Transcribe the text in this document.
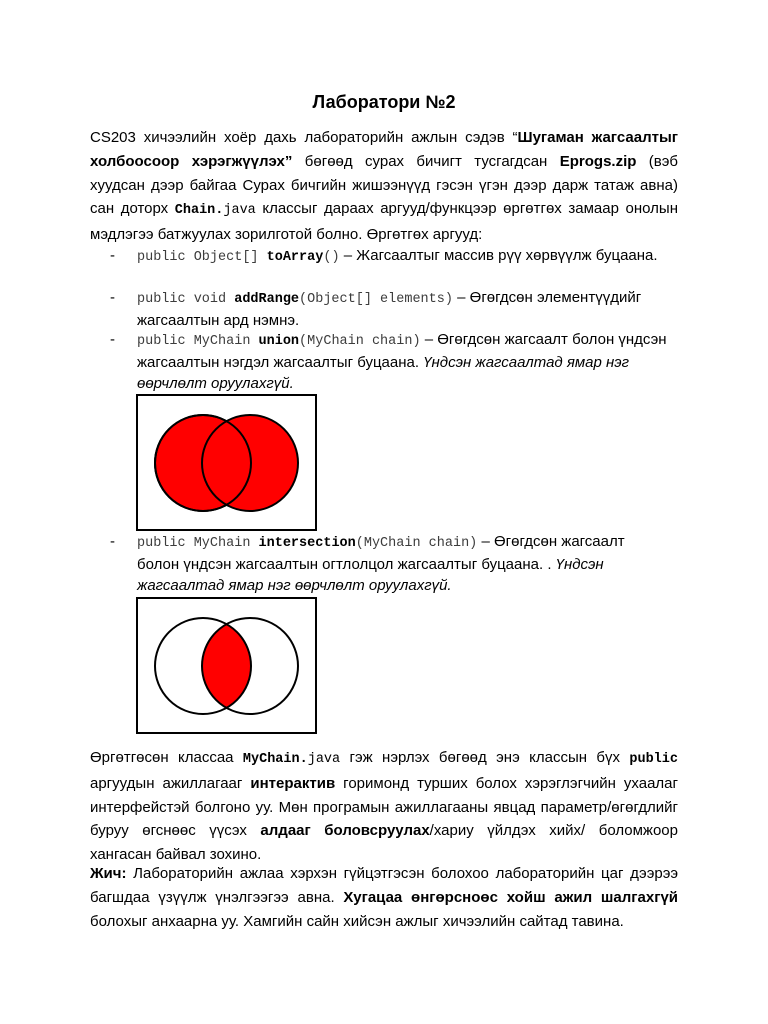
Лаборатори №2

CS203 хичээлийн хоёр дахь лабораторийн ажлын сэдэв “Шугаман жагсаалтыг холбоосоор хэрэгжүүлэх” бөгөөд сурах бичигт тусгагдсан Eprogs.zip (вэб хуудсан дээр байгаа Сурах бичгийн жишээнүүд гэсэн үгэн дээр дарж татаж авна) сан доторх Chain.java классыг дараах аргууд/функцээр өргөтгөх замаар онолын мэдлэгээ батжуулах зорилготой болно. Өргөтгөх аргууд:

- public Object[] toArray() – Жагсаалтыг массив рүү хөрвүүлж буцаана.

- public void addRange(Object[] elements) – Өгөгдсөн элементүүдийг жагсаалтын ард нэмнэ.

- public MyChain union(MyChain chain) – Өгөгдсөн жагсаалт болон үндсэн жагсаалтын нэгдэл жагсаалтыг буцаана. Үндсэн жагсаалтад ямар нэг өөрчлөлт оруулахгүй.

- public MyChain intersection(MyChain chain) – Өгөгдсөн жагсаалт болон үндсэн жагсаалтын огтлолцол жагсаалтыг буцаана. . Үндсэн жагсаалтад ямар нэг өөрчлөлт оруулахгүй.

Өргөтгөсөн классаа MyChain.java гэж нэрлэх бөгөөд энэ классын бүх public аргуудын ажиллагааг интерактив горимонд турших болох хэрэглэгчийн ухаалаг интерфейстэй болгоно уу. Мөн програмын ажиллагааны явцад параметр/өгөгдлийг буруу өгснөөс үүсэх алдааг боловсруулах/хариу үйлдэх хийх/ боломжоор хангасан байвал зохино.

Жич: Лабораторийн ажлаа хэрхэн гүйцэтгэсэн болохоо лабораторийн цаг дээрээ багшдаа үзүүлж үнэлгээгээ авна. Хугацаа өнгөрсноөс хойш ажил шалгахгүй болохыг анхаарна уу. Хамгийн сайн хийсэн ажлыг хичээлийн сайтад тавина.
